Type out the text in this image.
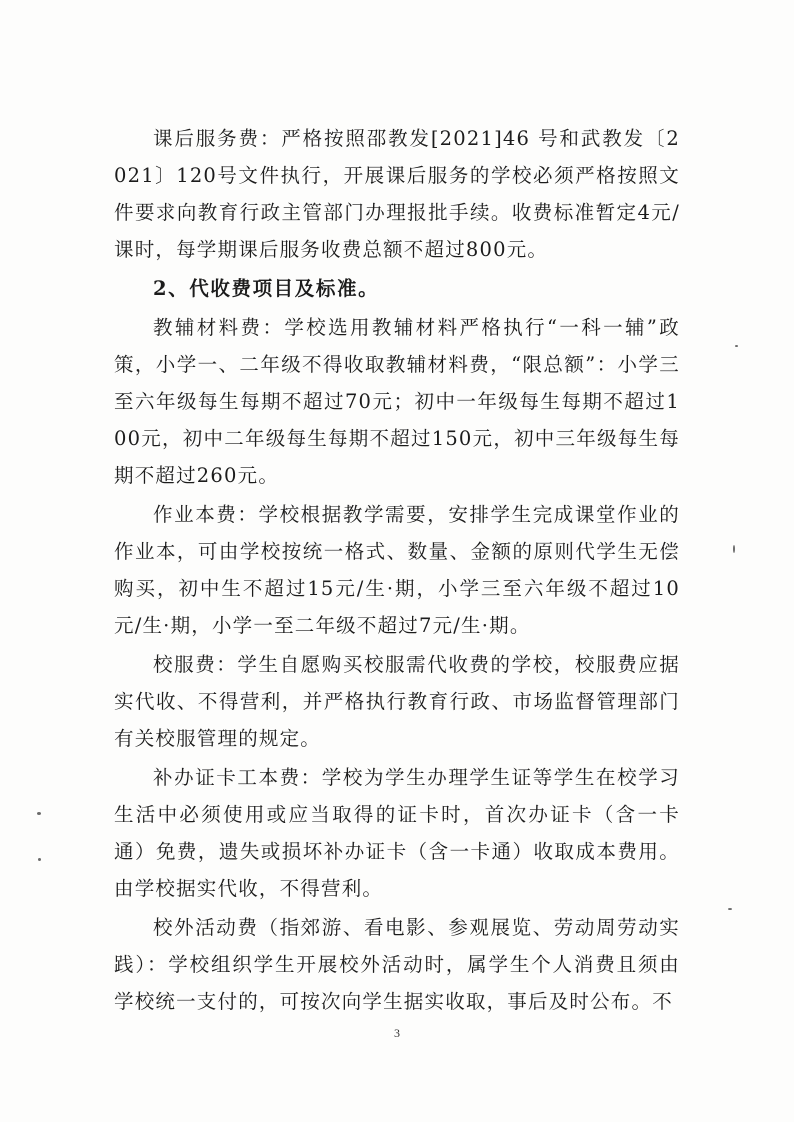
课后服务费：严格按照邵教发[2021]46 号和武教发〔2021〕120号文件执行，开展课后服务的学校必须严格按照文件要求向教育行政主管部门办理报批手续。收费标准暂定4元/课时，每学期课后服务收费总额不超过800元。

2、代收费项目及标准。

教辅材料费：学校选用教辅材料严格执行“一科一辅”政策，小学一、二年级不得收取教辅材料费，“限总额”：小学三至六年级每生每期不超过70元；初中一年级每生每期不超过100元，初中二年级每生每期不超过150元，初中三年级每生每期不超过260元。

作业本费：学校根据教学需要，安排学生完成课堂作业的作业本，可由学校按统一格式、数量、金额的原则代学生无偿购买，初中生不超过15元/生·期，小学三至六年级不超过10元/生·期，小学一至二年级不超过7元/生·期。

校服费：学生自愿购买校服需代收费的学校，校服费应据实代收、不得营利，并严格执行教育行政、市场监督管理部门有关校服管理的规定。

补办证卡工本费：学校为学生办理学生证等学生在校学习生活中必须使用或应当取得的证卡时，首次办证卡（含一卡通）免费，遗失或损坏补办证卡（含一卡通）收取成本费用。由学校据实代收，不得营利。

校外活动费（指郊游、看电影、参观展览、劳动周劳动实践）：学校组织学生开展校外活动时，属学生个人消费且须由学校统一支付的，可按次向学生据实收取，事后及时公布。不

3
